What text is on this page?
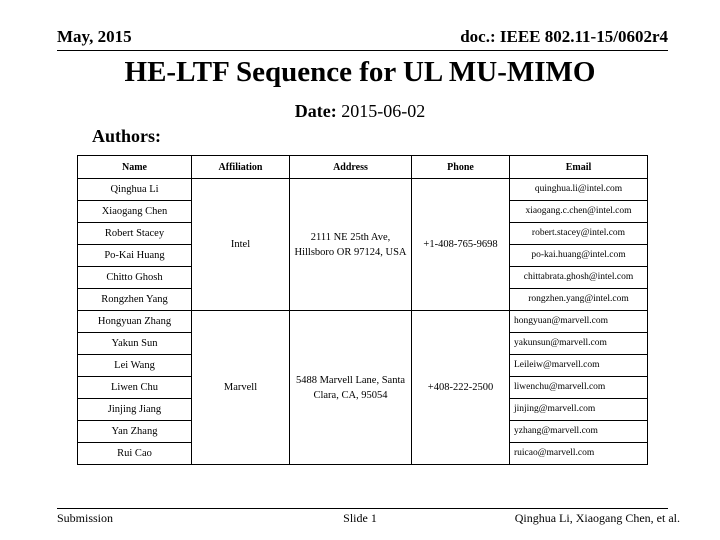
May, 2015	doc.: IEEE 802.11-15/0602r4
HE-LTF Sequence for UL MU-MIMO
Date: 2015-06-02
Authors:
Name	Affiliation	Address	Phone	Email
Qinghua Li	Intel	2111 NE 25th Ave, Hillsboro OR 97124, USA	+1-408-765-9698	quinghua.li@intel.com
Xiaogang Chen				xiaogang.c.chen@intel.com
Robert Stacey				robert.stacey@intel.com
Po-Kai Huang				po-kai.huang@intel.com
Chitto Ghosh				chittabrata.ghosh@intel.com
Rongzhen Yang				rongzhen.yang@intel.com
Hongyuan Zhang	Marvell	5488 Marvell Lane, Santa Clara, CA, 95054	+408-222-2500	hongyuan@marvell.com
Yakun Sun				yakunsun@marvell.com
Lei Wang				Leileiw@marvell.com
Liwen Chu				liwenchu@marvell.com
Jinjing Jiang				jinjing@marvell.com
Yan Zhang				yzhang@marvell.com
Rui Cao				ruicao@marvell.com
Submission	Slide 1	Qinghua Li, Xiaogang Chen, et al.
